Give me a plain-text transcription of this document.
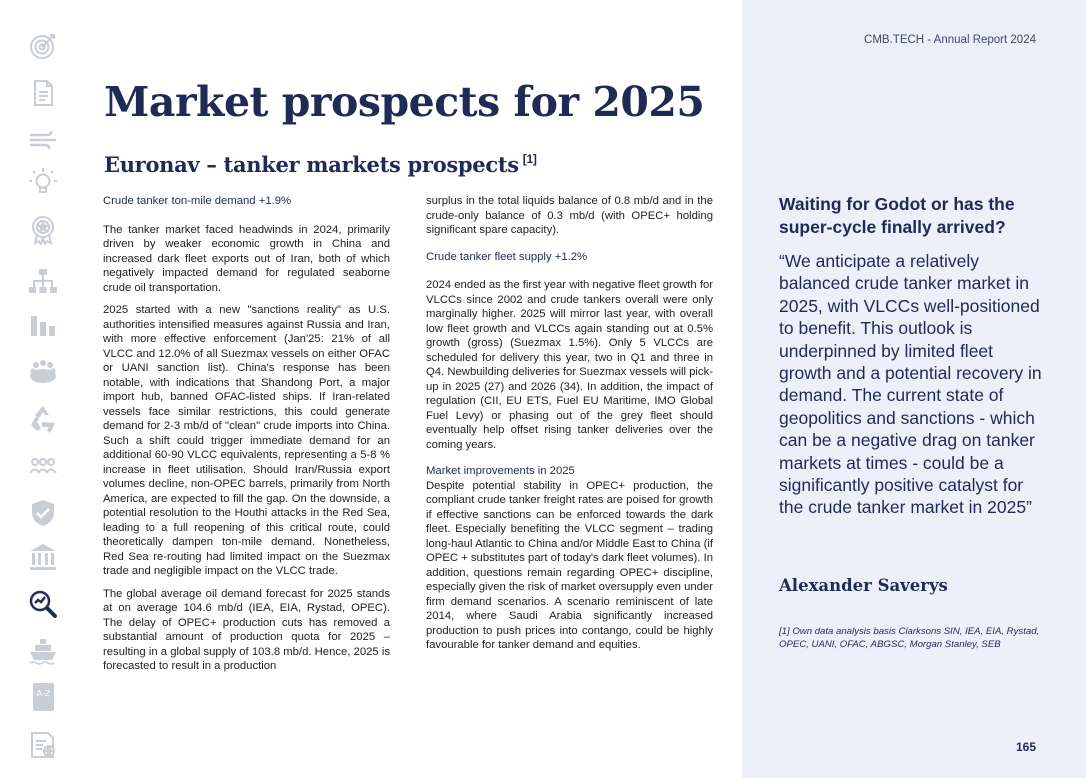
A-Z
Market prospects for 2025
Euronav – tanker markets prospects [1]

Crude tanker ton-mile demand +1.9%

The tanker market faced headwinds in 2024, primarily driven by weaker economic growth in China and increased dark fleet exports out of Iran, both of which negatively impacted demand for regulated seaborne crude oil transportation.

2025 started with a new "sanctions reality" as U.S. authorities intensified measures against Russia and Iran, with more effective enforcement (Jan'25: 21% of all VLCC and 12.0% of all Suezmax vessels on either OFAC or UANI sanction list). China's response has been notable, with indications that Shandong Port, a major import hub, banned OFAC-listed ships. If Iran-related vessels face similar restrictions, this could generate demand for 2-3 mb/d of "clean" crude imports into China. Such a shift could trigger immediate demand for an additional 60-90 VLCC equivalents, representing a 5-8 % increase in fleet utilisation. Should Iran/Russia export volumes decline, non-OPEC barrels, primarily from North America, are expected to fill the gap. On the downside, a potential resolution to the Houthi attacks in the Red Sea, leading to a full reopening of this critical route, could theoretically dampen ton-mile demand. Nonetheless, Red Sea re-routing had limited impact on the Suezmax trade and negligible impact on the VLCC trade.

The global average oil demand forecast for 2025 stands at on average 104.6 mb/d (IEA, EIA, Rystad, OPEC). The delay of OPEC+ production cuts has removed a substantial amount of production quota for 2025 – resulting in a global supply of 103.8 mb/d. Hence, 2025 is forecasted to result in a production

surplus in the total liquids balance of 0.8 mb/d and in the crude-only balance of 0.3 mb/d (with OPEC+ holding significant spare capacity).

Crude tanker fleet supply +1.2%

2024 ended as the first year with negative fleet growth for VLCCs since 2002 and crude tankers overall were only marginally higher. 2025 will mirror last year, with overall low fleet growth and VLCCs again standing out at 0.5% growth (gross) (Suezmax 1.5%). Only 5 VLCCs are scheduled for delivery this year, two in Q1 and three in Q4. Newbuilding deliveries for Suezmax vessels will pick-up in 2025 (27) and 2026 (34). In addition, the impact of regulation (CII, EU ETS, Fuel EU Maritime, IMO Global Fuel Levy) or phasing out of the grey fleet should eventually help offset rising tanker deliveries over the coming years.

Market improvements in 2025

Despite potential stability in OPEC+ production, the compliant crude tanker freight rates are poised for growth if effective sanctions can be enforced towards the dark fleet. Especially benefiting the VLCC segment – trading long-haul Atlantic to China and/or Middle East to China (if OPEC + substitutes part of today's dark fleet volumes). In addition, questions remain regarding OPEC+ discipline, especially given the risk of market oversupply even under firm demand scenarios. A scenario reminiscent of late 2014, where Saudi Arabia significantly increased production to push prices into contango, could be highly favourable for tanker demand and equities.

CMB.TECH - Annual Report 2024
Waiting for Godot or has the super-cycle finally arrived?
“We anticipate a relatively balanced crude tanker market in 2025, with VLCCs well-positioned to benefit. This outlook is underpinned by limited fleet growth and a potential recovery in demand. The current state of geopolitics and sanctions - which can be a negative drag on tanker markets at times - could be a significantly positive catalyst for the crude tanker market in 2025”
Alexander Saverys
[1] Own data analysis basis Clarksons SIN, IEA, EIA, Rystad, OPEC, UANI, OFAC, ABGSC, Morgan Stanley, SEB
165
